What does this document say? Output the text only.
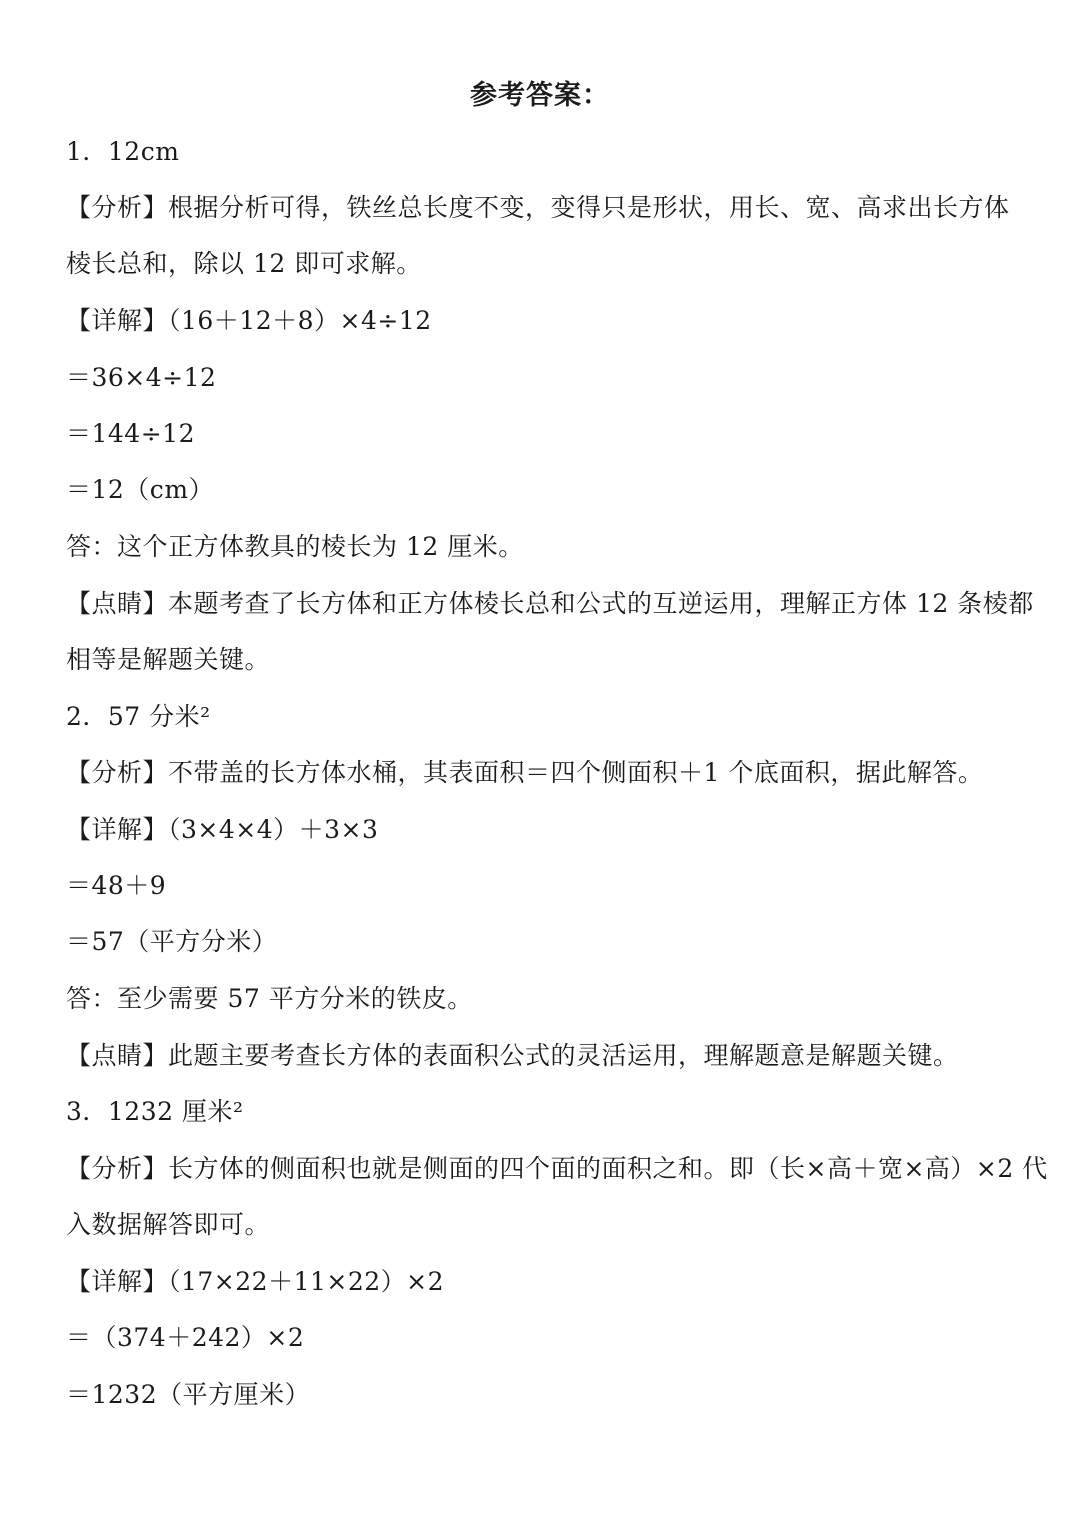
参考答案：
1．12cm
【分析】根据分析可得，铁丝总长度不变，变得只是形状，用长、宽、高求出长方体
棱长总和，除以 12 即可求解。
【详解】（16＋12＋8）×4÷12
＝36×4÷12
＝144÷12
＝12（cm）
答：这个正方体教具的棱长为 12 厘米。
【点睛】本题考查了长方体和正方体棱长总和公式的互逆运用，理解正方体 12 条棱都
相等是解题关键。
2．57 分米²
【分析】不带盖的长方体水桶，其表面积＝四个侧面积＋1 个底面积，据此解答。
【详解】（3×4×4）＋3×3
＝48＋9
＝57（平方分米）
答：至少需要 57 平方分米的铁皮。
【点睛】此题主要考查长方体的表面积公式的灵活运用，理解题意是解题关键。
3．1232 厘米²
【分析】长方体的侧面积也就是侧面的四个面的面积之和。即（长×高＋宽×高）×2 代
入数据解答即可。
【详解】（17×22＋11×22）×2
＝（374＋242）×2
＝1232（平方厘米）
